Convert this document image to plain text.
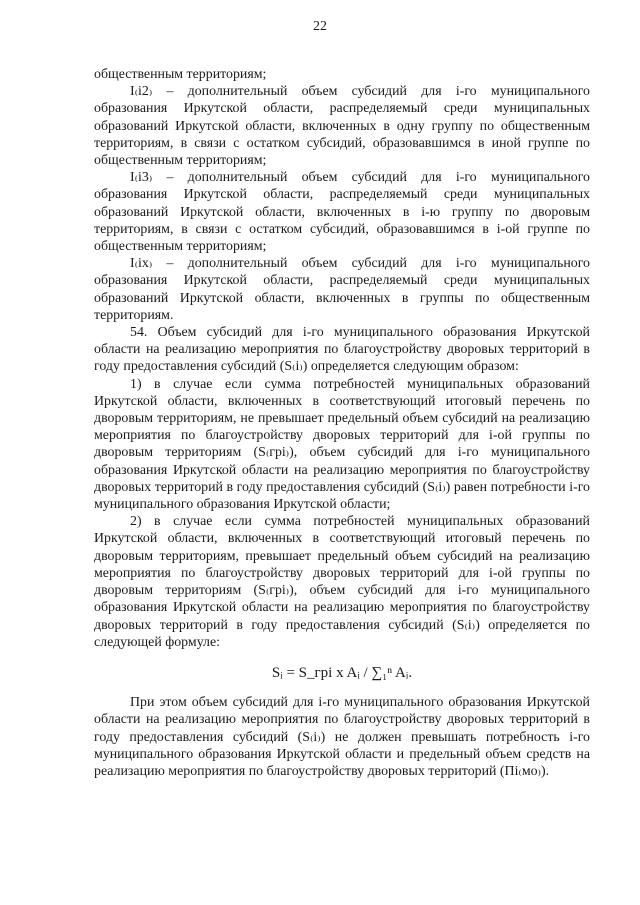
22

общественным территориям;

I₍i2₎ – дополнительный объем субсидий для i-го муниципального образования Иркутской области, распределяемый среди муниципальных образований Иркутской области, включенных в одну группу по общественным территориям, в связи с остатком субсидий, образовавшимся в иной группе по общественным территориям;

I₍i3₎ – дополнительный объем субсидий для i-го муниципального образования Иркутской области, распределяемый среди муниципальных образований Иркутской области, включенных в i-ю группу по дворовым территориям, в связи с остатком субсидий, образовавшимся в i-ой группе по общественным территориям;

I₍ix₎ – дополнительный объем субсидий для i-го муниципального образования Иркутской области, распределяемый среди муниципальных образований Иркутской области, включенных в группы по общественным территориям.

54. Объем субсидий для i-го муниципального образования Иркутской области на реализацию мероприятия по благоустройству дворовых территорий в году предоставления субсидий (S₍i₎) определяется следующим образом:

1) в случае если сумма потребностей муниципальных образований Иркутской области, включенных в соответствующий итоговый перечень по дворовым территориям, не превышает предельный объем субсидий на реализацию мероприятия по благоустройству дворовых территорий для i-ой группы по дворовым территориям (S₍гpi₎), объем субсидий для i-го муниципального образования Иркутской области на реализацию мероприятия по благоустройству дворовых территорий в году предоставления субсидий (S₍i₎) равен потребности i-го муниципального образования Иркутской области;

2) в случае если сумма потребностей муниципальных образований Иркутской области, включенных в соответствующий итоговый перечень по дворовым территориям, превышает предельный объем субсидий на реализацию мероприятия по благоустройству дворовых территорий для i-ой группы по дворовым территориям (S₍гpi₎), объем субсидий для i-го муниципального образования Иркутской области на реализацию мероприятия по благоустройству дворовых территорий в году предоставления субсидий (S₍i₎) определяется по следующей формуле:

Sᵢ = S_грi x Aᵢ / ∑₁ⁿ Aᵢ.

При этом объем субсидий для i-го муниципального образования Иркутской области на реализацию мероприятия по благоустройству дворовых территорий в году предоставления субсидий (S₍i₎) не должен превышать потребность i-го муниципального образования Иркутской области и предельный объем средств на реализацию мероприятия по благоустройству дворовых территорий (Пi₍мо₎).
